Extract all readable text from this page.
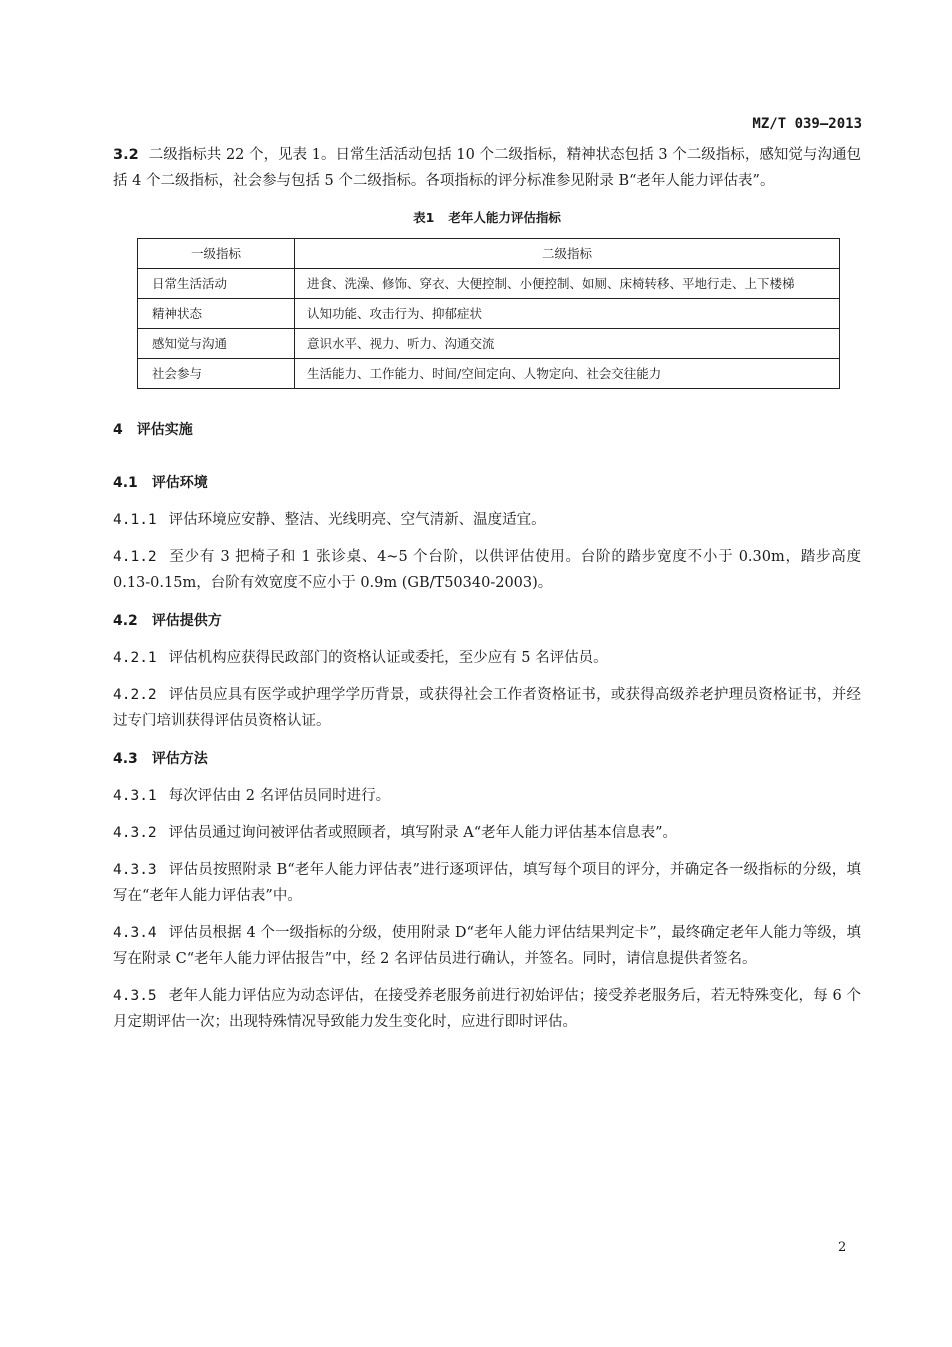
MZ/T 039—2013

3.2 二级指标共 22 个，见表 1。日常生活活动包括 10 个二级指标，精神状态包括 3 个二级指标，感知觉与沟通包括 4 个二级指标，社会参与包括 5 个二级指标。各项指标的评分标准参见附录 B“老年人能力评估表”。

表1 老年人能力评估指标
一级指标	二级指标
日常生活活动	进食、洗澡、修饰、穿衣、大便控制、小便控制、如厕、床椅转移、平地行走、上下楼梯
精神状态	认知功能、攻击行为、抑郁症状
感知觉与沟通	意识水平、视力、听力、沟通交流
社会参与	生活能力、工作能力、时间/空间定向、人物定向、社会交往能力
4 评估实施
4.1 评估环境

4.1.1 评估环境应安静、整洁、光线明亮、空气清新、温度适宜。

4.1.2 至少有 3 把椅子和 1 张诊桌、4~5 个台阶，以供评估使用。台阶的踏步宽度不小于 0.30m，踏步高度 0.13-0.15m，台阶有效宽度不应小于 0.9m (GB/T50340-2003)。

4.2 评估提供方

4.2.1 评估机构应获得民政部门的资格认证或委托，至少应有 5 名评估员。

4.2.2 评估员应具有医学或护理学学历背景，或获得社会工作者资格证书，或获得高级养老护理员资格证书，并经过专门培训获得评估员资格认证。

4.3 评估方法

4.3.1 每次评估由 2 名评估员同时进行。

4.3.2 评估员通过询问被评估者或照顾者，填写附录 A“老年人能力评估基本信息表”。

4.3.3 评估员按照附录 B“老年人能力评估表”进行逐项评估，填写每个项目的评分，并确定各一级指标的分级，填写在“老年人能力评估表”中。

4.3.4 评估员根据 4 个一级指标的分级，使用附录 D“老年人能力评估结果判定卡”，最终确定老年人能力等级，填写在附录 C“老年人能力评估报告”中，经 2 名评估员进行确认，并签名。同时，请信息提供者签名。

4.3.5 老年人能力评估应为动态评估，在接受养老服务前进行初始评估；接受养老服务后，若无特殊变化，每 6 个月定期评估一次；出现特殊情况导致能力发生变化时，应进行即时评估。

2
